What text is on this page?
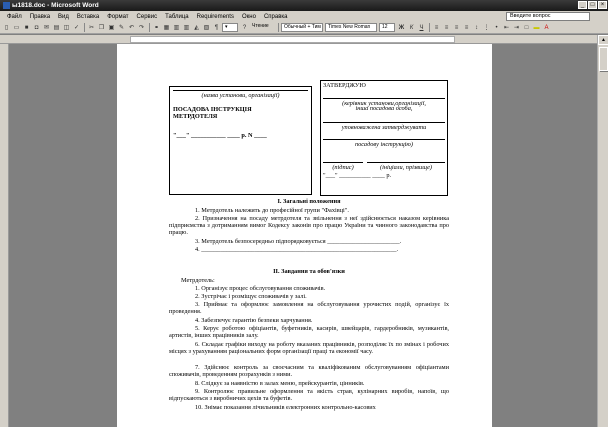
ы1818.doc - Microsoft Word	_	□	×
Файл	Правка	Вид	Вставка	Формат	Сервис	Таблица	Requirements	Окно	Справка	Введите вопрос
▯ ▭ ■	◘ ✉ ▤ ◫ ✓	✂ ❐ ▣ ✎ ↶ ↷	⚭ ▦ ▥ ▥ ◭ ▧ ¶	▾	?	Чтение	Обычный + Тим	Times New Roman	12	Ж К	Ч	≡	≡	≡	≡	↕ ⋮ •	⇤ ⇥ □ ▬ A
▲
(назва установи, організації)
ПОСАДОВА ІНСТРУКЦІЯ
МЕТРДОТЕЛЯ
"___" ___________ ____ р. N ____
ЗАТВЕРДЖУЮ
(керівник установи,організації,
інша посадова особа,
уповноважена затверджувати
посадову інструкцію)
(підпис)	(ініціали, прізвище)
"___" __________ ____ р.
І. Загальні положення
1. Метрдотель належить до професійної групи "Фахівці".
2. Призначення на посаду метрдотеля та звільнення з неї здійснюється наказом керівника підприємства з дотриманням вимог Кодексу законів про працю України та чинного законодавства про працю.
3. Метрдотель безпосередньо підпорядковується _______________________.
4. ______________________________________________________________.
ІІ. Завдання та обов'язки
Метрдотель:
1. Організує процес обслуговування споживачів.
2. Зустрічає і розміщує споживачів у залі.
3. Приймає та оформлює замовлення на обслуговування урочистих подій, організує їх проведення.
4. Забезпечує гарантію безпеки харчування.
5. Керує роботою офіціантів, буфетників, касирів, швейцарів, гардеробників, музикантів, артистів, інших працівників залу.
6. Складає графіки виходу на роботу вказаних працівників, розподіляє їх по змінах і робочих місцях з урахуванням раціональних форм організації праці та економії часу.
7. Здійснює контроль за своєчасним та кваліфікованим обслуговуванням офіціантами споживачів, проведенням розрахунків з ними.
8. Слідкує за наявністю в залах меню, прейскурантів, цінників.
9. Контролює правильне оформлення та якість страв, кулінарних виробів, напоїв, що відпускаються з виробничих цехів та буфетів.
10. Знімає показання лічильників електронних контрольно-касових
